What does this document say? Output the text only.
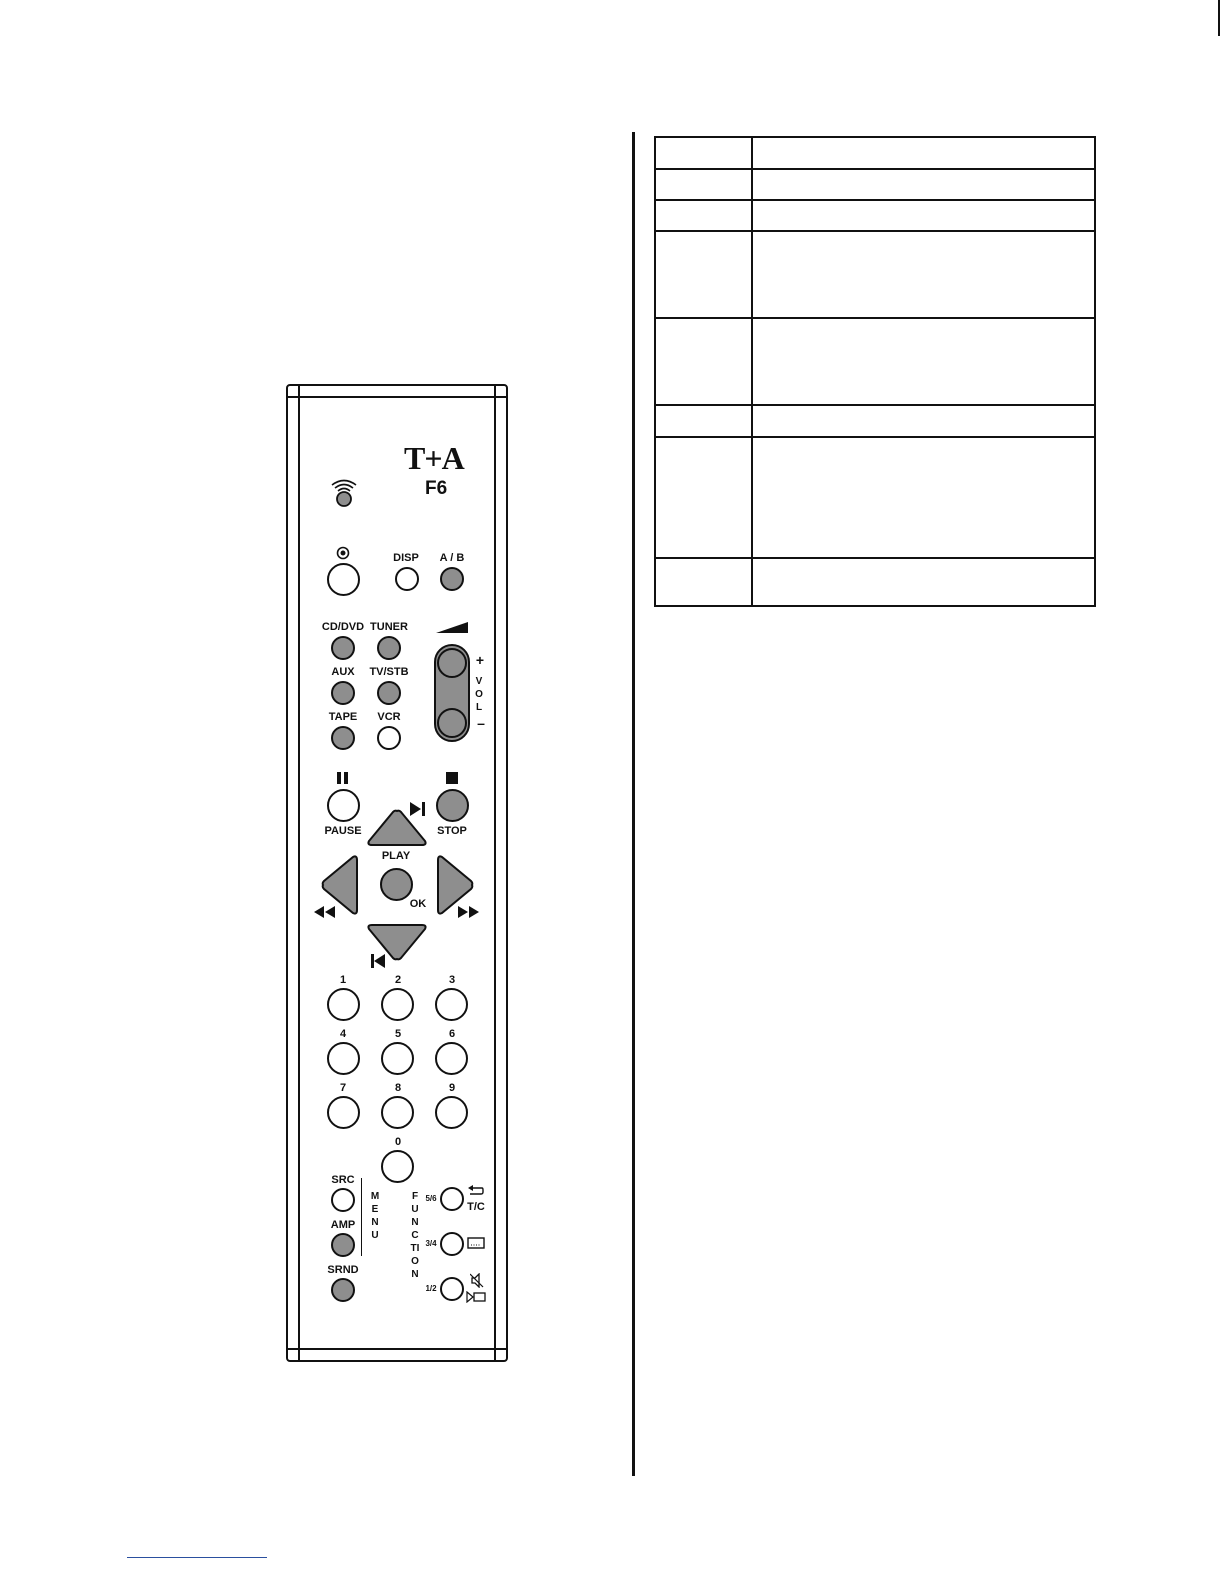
T+A
F6
DISP A / B
CD/DVD TUNER
AUX TV/STB
TAPE VCR
+
VOL
–
PAUSE	STOP
PLAY
OK
1	2	3
4	5	6
7	8	9
0
SRC
AMP
SRND
MENU
FUNCTION
5/6
T/C
3/4
1/2
